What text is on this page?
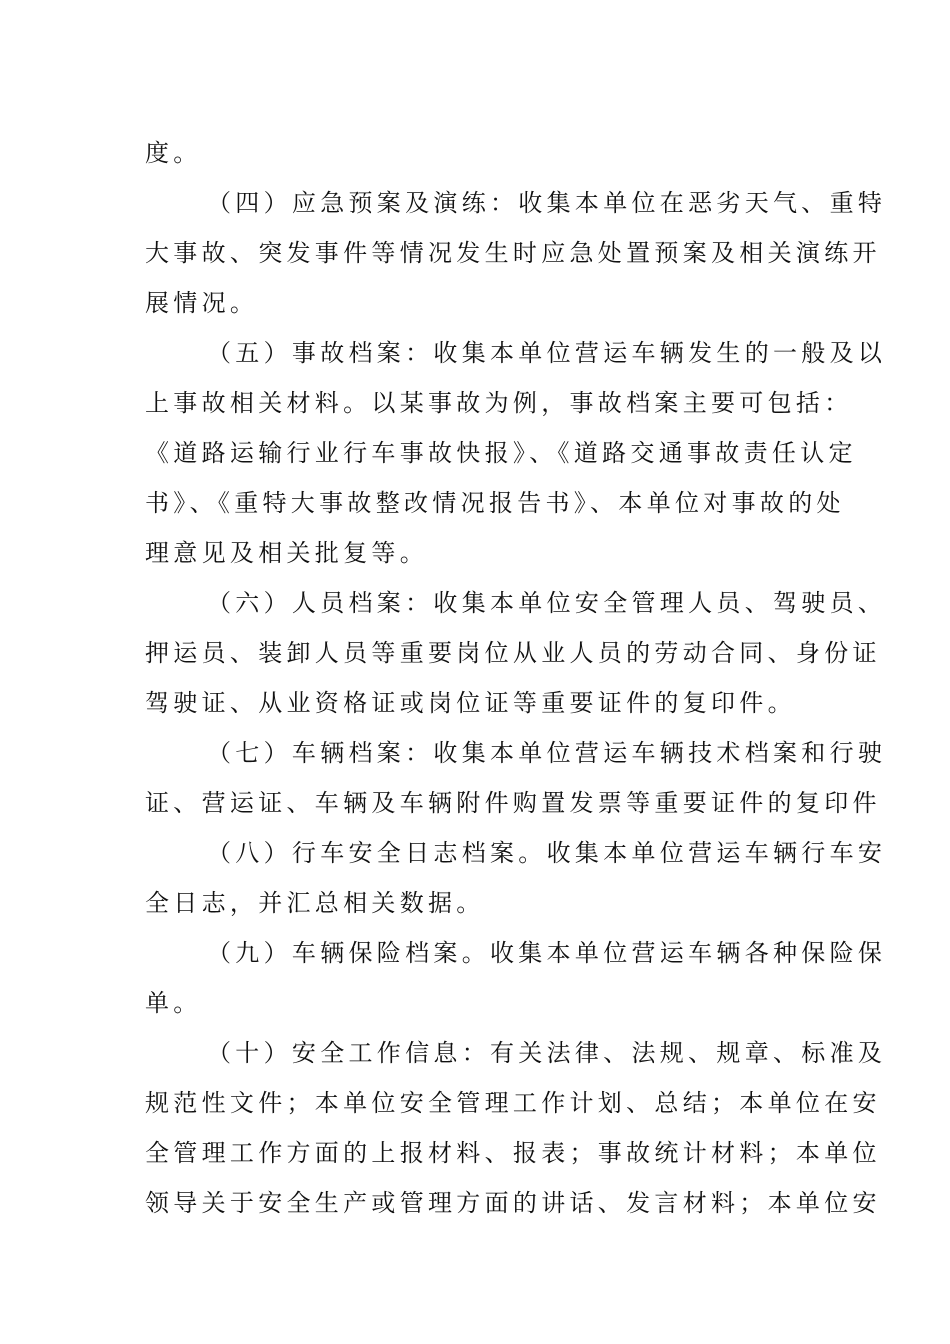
度。
（四）应急预案及演练：收集本单位在恶劣天气、重特
大事故、突发事件等情况发生时应急处置预案及相关演练开
展情况。
（五）事故档案：收集本单位营运车辆发生的一般及以
上事故相关材料。以某事故为例，事故档案主要可包括：
《道路运输行业行车事故快报》、《道路交通事故责任认定
书》、《重特大事故整改情况报告书》、本单位对事故的处
理意见及相关批复等。
（六）人员档案：收集本单位安全管理人员、驾驶员、
押运员、装卸人员等重要岗位从业人员的劳动合同、身份证
驾驶证、从业资格证或岗位证等重要证件的复印件。
（七）车辆档案：收集本单位营运车辆技术档案和行驶
证、营运证、车辆及车辆附件购置发票等重要证件的复印件
（八）行车安全日志档案。收集本单位营运车辆行车安
全日志，并汇总相关数据。
（九）车辆保险档案。收集本单位营运车辆各种保险保
单。
（十）安全工作信息：有关法律、法规、规章、标准及
规范性文件；本单位安全管理工作计划、总结；本单位在安
全管理工作方面的上报材料、报表；事故统计材料；本单位
领导关于安全生产或管理方面的讲话、发言材料；本单位安
